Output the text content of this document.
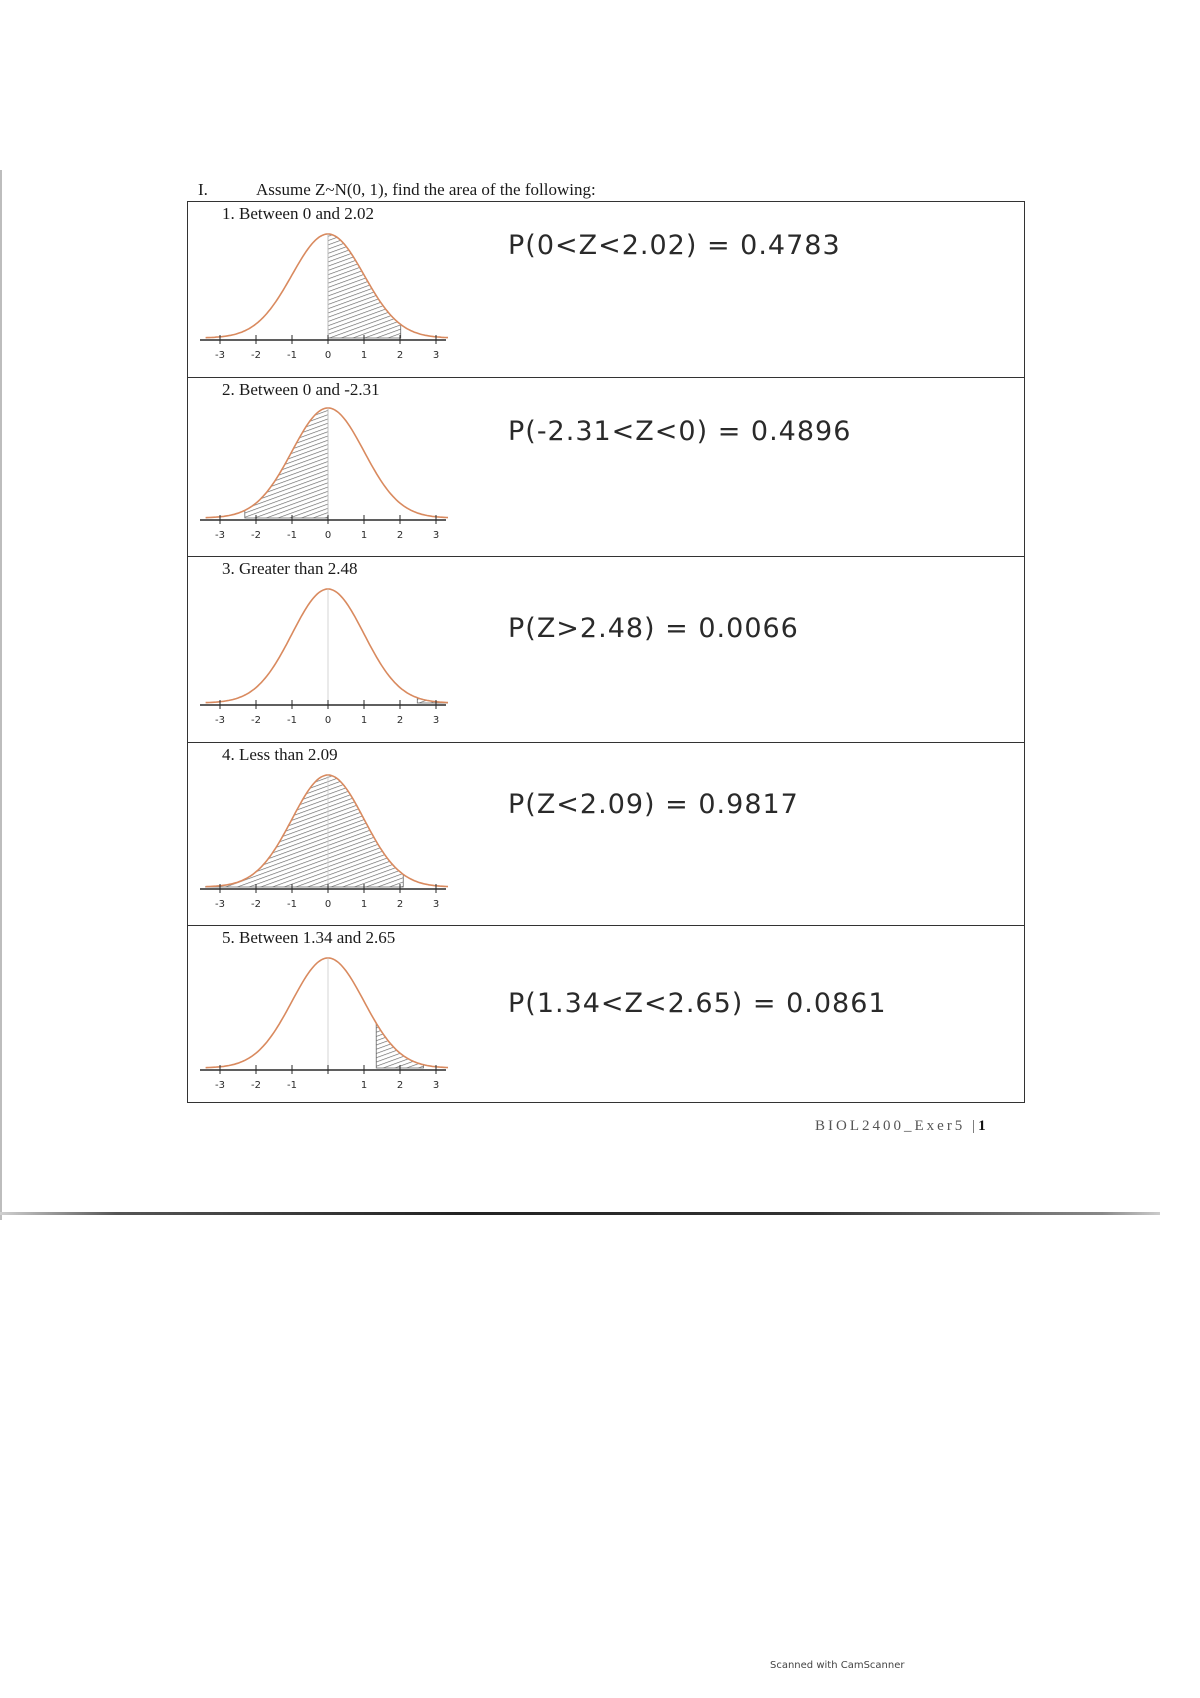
I.	Assume Z~N(0, 1), find the area of the following:
1. Between 0 and 2.02
-3	-2	-1	0	1	2	3
P(0<Z<2.02) = 0.4783
2. Between 0 and -2.31
-3	-2	-1	0	1	2	3
P(-2.31<Z<0) = 0.4896
3. Greater than 2.48
-3	-2	-1	0	1	2	3
P(Z>2.48) = 0.0066
4. Less than 2.09
-3	-2	-1	0	1	2	3
P(Z<2.09) = 0.9817
5. Between 1.34 and 2.65
-3	-2	-1	1	2	3
P(1.34<Z<2.65) = 0.0861
BIOL2400_Exer5 |1
Scanned with CamScanner
